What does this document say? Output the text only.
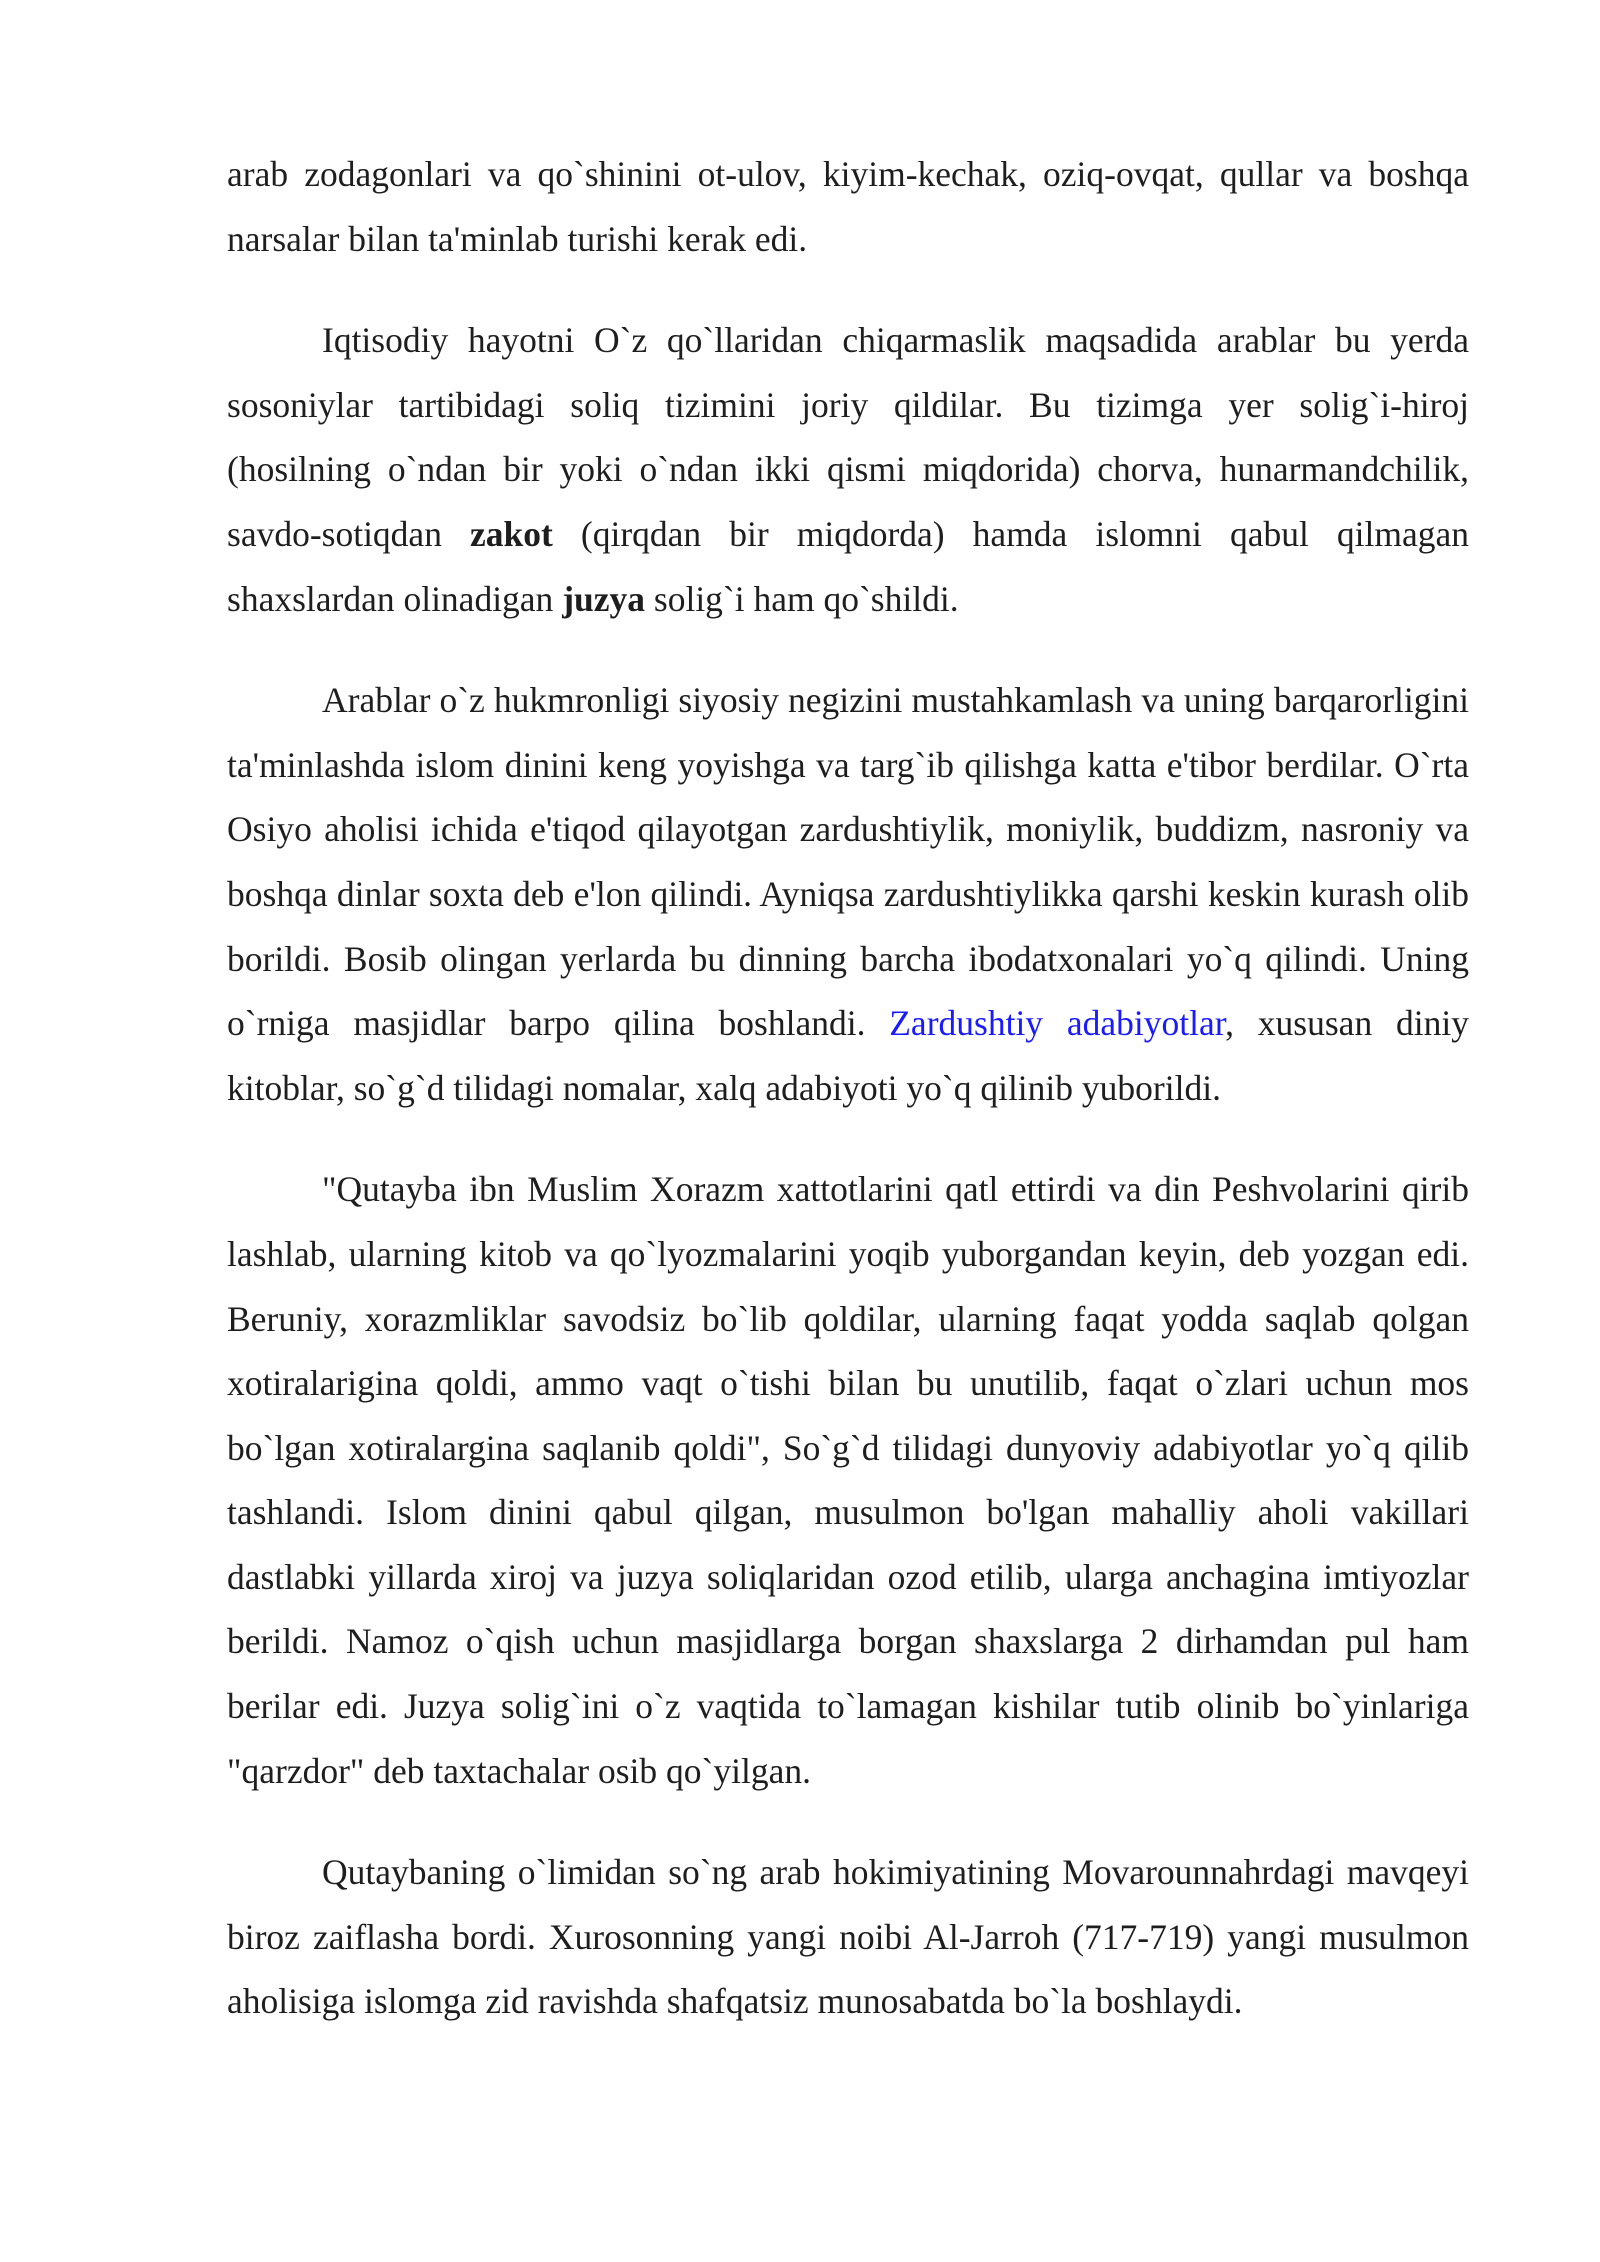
arab zodagonlari va qo`shinini ot-ulov, kiyim-kechak, oziq-ovqat, qullar va boshqa narsalar bilan ta'minlab turishi kerak edi.

Iqtisodiy hayotni O`z qo`llaridan chiqarmaslik maqsadida arablar bu yerda sosoniylar tartibidagi soliq tizimini joriy qildilar. Bu tizimga yer solig`i-hiroj (hosilning o`ndan bir yoki o`ndan ikki qismi miqdorida) chorva, hunarmandchilik, savdo-sotiqdan zakot (qirqdan bir miqdorda) hamda islomni qabul qilmagan shaxslardan olinadigan juzya solig`i ham qo`shildi.

Arablar o`z hukmronligi siyosiy negizini mustahkamlash va uning barqarorligini ta'minlashda islom dinini keng yoyishga va targ`ib qilishga katta e'tibor berdilar. O`rta Osiyo aholisi ichida e'tiqod qilayotgan zardushtiylik, moniylik, buddizm, nasroniy va boshqa dinlar soxta deb e'lon qilindi. Ayniqsa zardushtiylikka qarshi keskin kurash olib borildi. Bosib olingan yerlarda bu dinning barcha ibodatxonalari yo`q qilindi. Uning o`rniga masjidlar barpo qilina boshlandi. Zardushtiy adabiyotlar, xususan diniy kitoblar, so`g`d tilidagi nomalar, xalq adabiyoti yo`q qilinib yuborildi.

"Qutayba ibn Muslim Xorazm xattotlarini qatl ettirdi va din Peshvolarini qirib lashlab, ularning kitob va qo`lyozmalarini yoqib yuborgandan keyin, deb yozgan edi. Beruniy, xorazmliklar savodsiz bo`lib qoldilar, ularning faqat yodda saqlab qolgan xotiralarigina qoldi, ammo vaqt o`tishi bilan bu unutilib, faqat o`zlari uchun mos bo`lgan xotiralargina saqlanib qoldi", So`g`d tilidagi dunyoviy adabiyotlar yo`q qilib tashlandi. Islom dinini qabul qilgan, musulmon bo'lgan mahalliy aholi vakillari dastlabki yillarda xiroj va juzya soliqlaridan ozod etilib, ularga anchagina imtiyozlar berildi. Namoz o`qish uchun masjidlarga borgan shaxslarga 2 dirhamdan pul ham berilar edi. Juzya solig`ini o`z vaqtida to`lamagan kishilar tutib olinib bo`yinlariga "qarzdor" deb taxtachalar osib qo`yilgan.

Qutaybaning o`limidan so`ng arab hokimiyatining Movarounnahrdagi mavqeyi biroz zaiflasha bordi. Xurosonning yangi noibi Al-Jarroh (717-719) yangi musulmon aholisiga islomga zid ravishda shafqatsiz munosabatda bo`la boshlaydi.
